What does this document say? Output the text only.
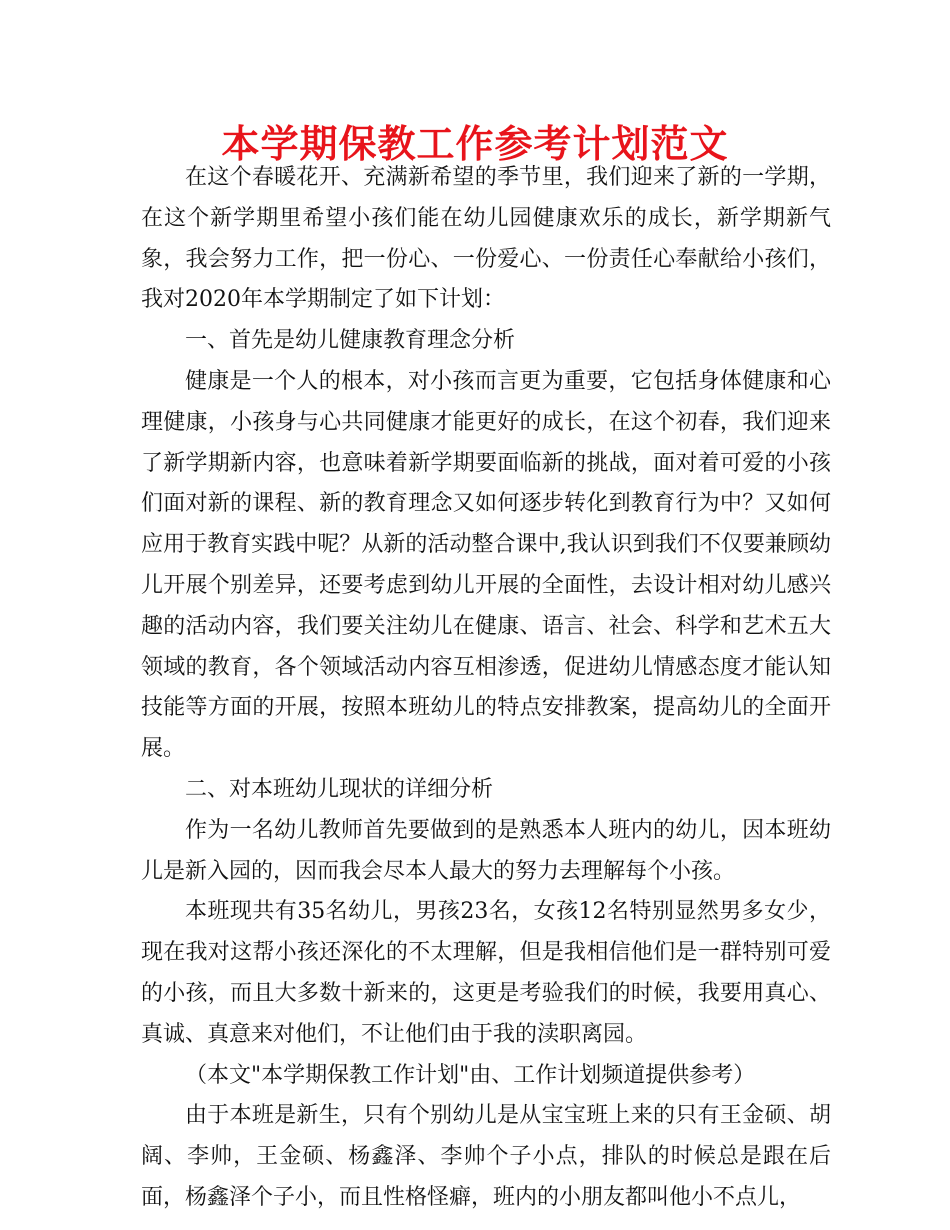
本学期保教工作参考计划范文

在这个春暖花开、充满新希望的季节里，我们迎来了新的一学期，在这个新学期里希望小孩们能在幼儿园健康欢乐的成长，新学期新气象，我会努力工作，把一份心、一份爱心、一份责任心奉献给小孩们，我对2020年本学期制定了如下计划：

一、首先是幼儿健康教育理念分析

健康是一个人的根本，对小孩而言更为重要，它包括身体健康和心理健康，小孩身与心共同健康才能更好的成长，在这个初春，我们迎来了新学期新内容，也意味着新学期要面临新的挑战，面对着可爱的小孩们面对新的课程、新的教育理念又如何逐步转化到教育行为中？又如何应用于教育实践中呢？从新的活动整合课中,我认识到我们不仅要兼顾幼儿开展个别差异，还要考虑到幼儿开展的全面性，去设计相对幼儿感兴趣的活动内容，我们要关注幼儿在健康、语言、社会、科学和艺术五大领域的教育，各个领域活动内容互相渗透，促进幼儿情感态度才能认知技能等方面的开展，按照本班幼儿的特点安排教案，提高幼儿的全面开展。

二、对本班幼儿现状的详细分析

作为一名幼儿教师首先要做到的是熟悉本人班内的幼儿，因本班幼儿是新入园的，因而我会尽本人最大的努力去理解每个小孩。

本班现共有35名幼儿，男孩23名，女孩12名特别显然男多女少，现在我对这帮小孩还深化的不太理解，但是我相信他们是一群特别可爱的小孩，而且大多数十新来的，这更是考验我们的时候，我要用真心、真诚、真意来对他们，不让他们由于我的渎职离园。

（本文"本学期保教工作计划"由、工作计划频道提供参考）

由于本班是新生，只有个别幼儿是从宝宝班上来的只有王金硕、胡阔、李帅，王金硕、杨鑫泽、李帅个子小点，排队的时候总是跟在后面，杨鑫泽个子小，而且性格怪癖，班内的小朋友都叫他小不点儿，
